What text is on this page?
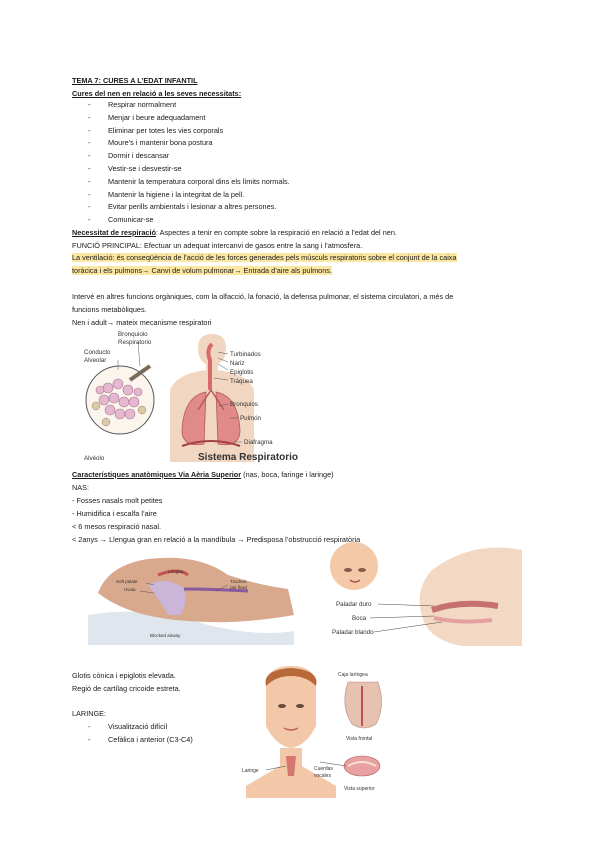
TEMA 7: CURES A L’EDAT INFANTIL
Cures del nen en relació a les seves necessitats:
- Respirar normalment
- Menjar i beure adequadament
- Eliminar per totes les vies corporals
- Moure’s i mantenir bona postura
- Dormir i descansar
- Vestir-se i desvestir-se
- Mantenir la temperatura corporal dins els límits normals.
- Mantenir la higiene i la integritat de la pell.
- Evitar perills ambientals i lesionar a altres persones.
- Comunicar-se
Necessitat de respiració: Aspectes a tenir en compte sobre la respiració en relació a l’edat del nen.
FUNCIÓ PRINCIPAL: Efectuar un adequat intercanvi de gasos entre la sang i l’atmosfera.
La ventilació: és conseqüència de l’acció de les forces generades pels músculs respiratoris sobre el conjunt de la caixa
toràcica i els pulmons→ Canvi de volum pulmonar→ Entrada d’aire als pulmons.
Intervé en altres funcions orgàniques, com la olfacció, la fonació, la defensa pulmonar, el sistema circulatori, a més de
funcions metabòliques.
Nen i adult→ mateix mecanisme respiratori
Bronquiolo
Respiratorio
Conducto
Alveolar
Alvéolo
Turbinados
Nariz
Epiglotis
Tráquea
Bronquios
Pulmón
Diafragma
Sistema Respiratorio
Característiques anatòmiques Via Aèria Superior (nas, boca, faringe i laringe)
NAS:
- Fosses nasals molt petites
- Humidifica i escalfa l’aire
< 6 mesos respiració nasal.
< 2anys → Llengua gran en relació a la mandíbula → Predisposa l’obstrucció respiratòria
Lengua
Soft palate
Uvula
Trachea
(air flow)
Blocked airway
Paladar duro
Boca
Paladar blando
Glotis cònica i epiglotis elevada.
Regió de cartílag cricoide estreta.
LARINGE:
- Visualització difícil
- Cefàlica i anterior (C3-C4)
Caja laríngea
Laringe	Cuerdas
vocales
Vista frontal
Vista superior
